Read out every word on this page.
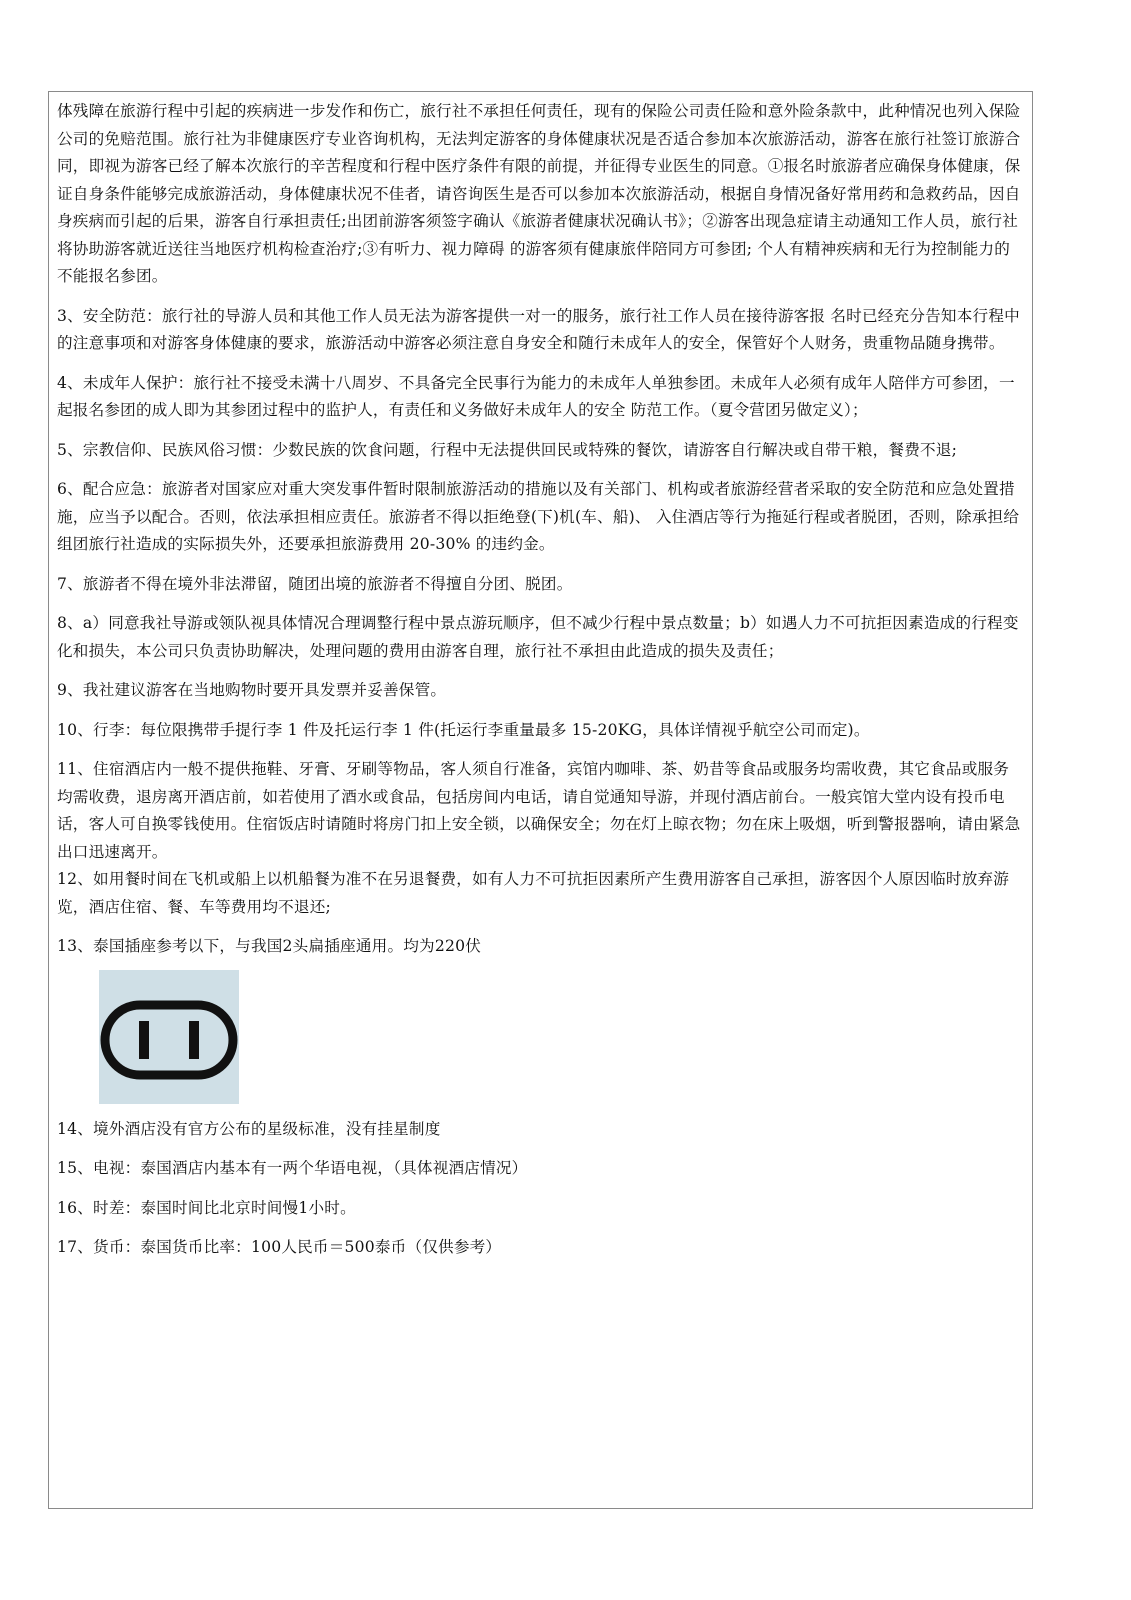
体残障在旅游行程中引起的疾病进一步发作和伤亡，旅行社不承担任何责任，现有的保险公司责任险和意外险条款中，此种情况也列入保险公司的免赔范围。旅行社为非健康医疗专业咨询机构，无法判定游客的身体健康状况是否适合参加本次旅游活动，游客在旅行社签订旅游合同，即视为游客已经了解本次旅行的辛苦程度和行程中医疗条件有限的前提，并征得专业医生的同意。①报名时旅游者应确保身体健康，保证自身条件能够完成旅游活动，身体健康状况不佳者，请咨询医生是否可以参加本次旅游活动，根据自身情况备好常用药和急救药品，因自身疾病而引起的后果，游客自行承担责任;出团前游客须签字确认《旅游者健康状况确认书》；②游客出现急症请主动通知工作人员，旅行社将协助游客就近送往当地医疗机构检查治疗;③有听力、视力障碍 的游客须有健康旅伴陪同方可参团; 个人有精神疾病和无行为控制能力的不能报名参团。

3、安全防范：旅行社的导游人员和其他工作人员无法为游客提供一对一的服务，旅行社工作人员在接待游客报 名时已经充分告知本行程中的注意事项和对游客身体健康的要求，旅游活动中游客必须注意自身安全和随行未成年人的安全，保管好个人财务，贵重物品随身携带。

4、未成年人保护：旅行社不接受未满十八周岁、不具备完全民事行为能力的未成年人单独参团。未成年人必须有成年人陪伴方可参团，一起报名参团的成人即为其参团过程中的监护人，有责任和义务做好未成年人的安全 防范工作。（夏令营团另做定义）；

5、宗教信仰、民族风俗习惯：少数民族的饮食问题，行程中无法提供回民或特殊的餐饮，请游客自行解决或自带干粮，餐费不退;

6、配合应急：旅游者对国家应对重大突发事件暂时限制旅游活动的措施以及有关部门、机构或者旅游经营者采取的安全防范和应急处置措施，应当予以配合。否则，依法承担相应责任。旅游者不得以拒绝登(下)机(车、船)、 入住酒店等行为拖延行程或者脱团，否则，除承担给组团旅行社造成的实际损失外，还要承担旅游费用 20-30% 的违约金。

7、旅游者不得在境外非法滞留，随团出境的旅游者不得擅自分团、脱团。

8、a）同意我社导游或领队视具体情况合理调整行程中景点游玩顺序，但不减少行程中景点数量；b）如遇人力不可抗拒因素造成的行程变化和损失，本公司只负责协助解决，处理问题的费用由游客自理，旅行社不承担由此造成的损失及责任；

9、我社建议游客在当地购物时要开具发票并妥善保管。

10、行李：每位限携带手提行李 1 件及托运行李 1 件(托运行李重量最多 15-20KG，具体详情视乎航空公司而定)。

11、住宿酒店内一般不提供拖鞋、牙膏、牙刷等物品，客人须自行准备，宾馆内咖啡、茶、奶昔等食品或服务均需收费，其它食品或服务均需收费，退房离开酒店前，如若使用了酒水或食品，包括房间内电话，请自觉通知导游，并现付酒店前台。一般宾馆大堂内设有投币电话，客人可自换零钱使用。住宿饭店时请随时将房门扣上安全锁，以确保安全；勿在灯上晾衣物；勿在床上吸烟，听到警报器响，请由紧急出口迅速离开。

12、如用餐时间在飞机或船上以机船餐为准不在另退餐费，如有人力不可抗拒因素所产生费用游客自己承担，游客因个人原因临时放弃游览，酒店住宿、餐、车等费用均不退还;

13、泰国插座参考以下，与我国2头扁插座通用。均为220伏

14、境外酒店没有官方公布的星级标准，没有挂星制度

15、电视：泰国酒店内基本有一两个华语电视，（具体视酒店情况）

16、时差：泰国时间比北京时间慢1小时。

17、货币：泰国货币比率：100人民币＝500泰币（仅供参考）
